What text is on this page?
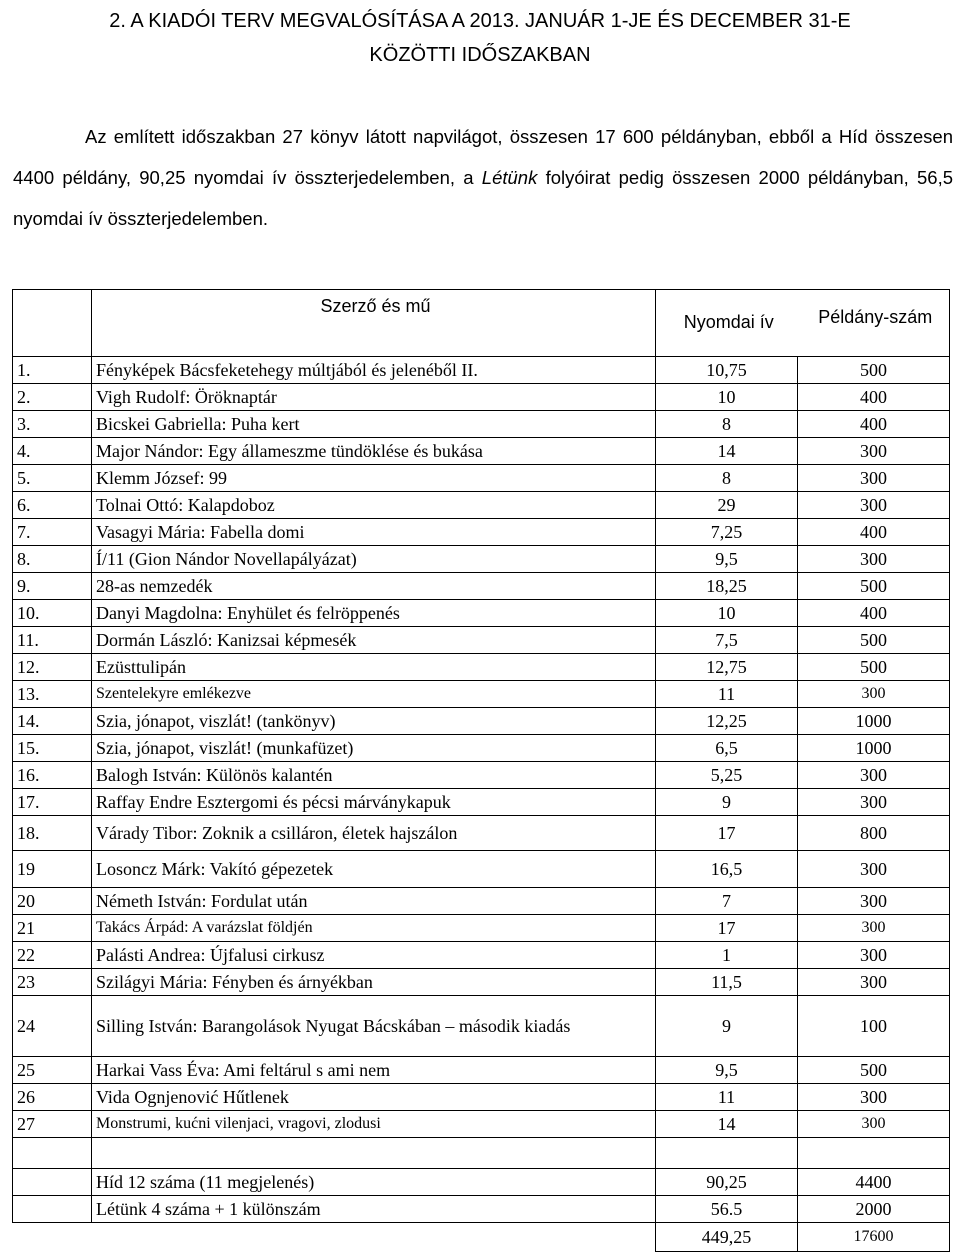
2. A KIADÓI TERV MEGVALÓSÍTÁSA A 2013. JANUÁR 1-JE ÉS DECEMBER 31-E
KÖZÖTTI IDŐSZAKBAN

Az említett időszakban 27 könyv látott napvilágot, összesen 17 600 példányban, ebből a Híd összesen 4400 példány, 90,25 nyomdai ív összterjedelemben, a Létünk folyóirat pedig összesen 2000 példányban, 56,5 nyomdai ív összterjedelemben.

	Szerző és mű	Nyomdai ív	Példány-szám

1.	Fényképek Bácsfeketehegy múltjából és jelenéből II.	10,75	500
2.	Vigh Rudolf: Öröknaptár	10	400
3.	Bicskei Gabriella: Puha kert	8	400
4.	Major Nándor: Egy állameszme tündöklése és bukása	14	300
5.	Klemm József: 99	8	300
6.	Tolnai Ottó: Kalapdoboz	29	300
7.	Vasagyi Mária: Fabella domi	7,25	400
8.	Í/11 (Gion Nándor Novellapályázat)	9,5	300
9.	28-as nemzedék	18,25	500
10.	Danyi Magdolna: Enyhület és felröppenés	10	400
11.	Dormán László: Kanizsai képmesék	7,5	500
12.	Ezüsttulipán	12,75	500
13.	Szentelekyre emlékezve	11	300
14.	Szia, jónapot, viszlát! (tankönyv)	12,25	1000
15.	Szia, jónapot, viszlát! (munkafüzet)	6,5	1000
16.	Balogh István: Különös kalantén	5,25	300
17.	Raffay Endre Esztergomi és pécsi márványkapuk	9	300
18.	Várady Tibor: Zoknik a csilláron, életek hajszálon	17	800
19	Losoncz Márk: Vakító gépezetek	16,5	300
20	Németh István: Fordulat után	7	300
21	Takács Árpád: A varázslat földjén	17	300
22	Palásti Andrea: Újfalusi cirkusz	1	300
23	Szilágyi Mária: Fényben és árnyékban	11,5	300
24	Silling István: Barangolások Nyugat Bácskában – második kiadás	9	100
25	Harkai Vass Éva: Ami feltárul s ami nem	9,5	500
26	Vida Ognjenović Hűtlenek	11	300
27	Monstrumi, kućni vilenjaci, vragovi, zlodusi	14	300

	Híd 12 száma (11 megjelenés)	90,25	4400
	Létünk 4 száma + 1 különszám	56.5	2000
		449,25	17600
